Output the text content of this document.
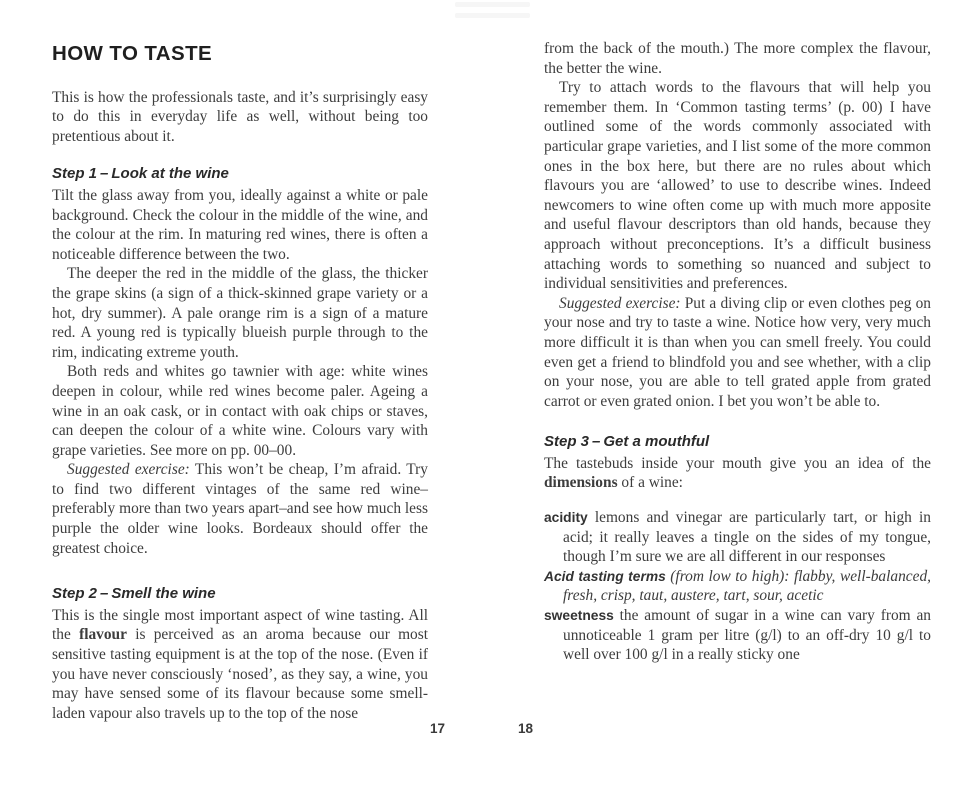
HOW TO TASTE

This is how the professionals taste, and it’s surprisingly easy to do this in everyday life as well, without being too pretentious about it.

Step 1 – Look at the wine

Tilt the glass away from you, ideally against a white or pale background. Check the colour in the middle of the wine, and the colour at the rim. In maturing red wines, there is often a noticeable difference between the two.

The deeper the red in the middle of the glass, the thicker the grape skins (a sign of a thick-skinned grape variety or a hot, dry summer). A pale orange rim is a sign of a mature red. A young red is typically blueish purple through to the rim, indicating extreme youth.

Both reds and whites go tawnier with age: white wines deepen in colour, while red wines become paler. Ageing a wine in an oak cask, or in contact with oak chips or staves, can deepen the colour of a white wine. Colours vary with grape varieties. See more on pp. 00–00.

Suggested exercise: This won’t be cheap, I’m afraid. Try to find two different vintages of the same red wine–preferably more than two years apart–and see how much less purple the older wine looks. Bordeaux should offer the greatest choice.

Step 2 – Smell the wine

This is the single most important aspect of wine tasting. All the flavour is perceived as an aroma because our most sensitive tasting equipment is at the top of the nose. (Even if you have never consciously ‘nosed’, as they say, a wine, you may have sensed some of its flavour because some smell-laden vapour also travels up to the top of the nose

from the back of the mouth.) The more complex the flavour, the better the wine.

Try to attach words to the flavours that will help you remember them. In ‘Common tasting terms’ (p. 00) I have outlined some of the words commonly associated with particular grape varieties, and I list some of the more common ones in the box here, but there are no rules about which flavours you are ‘allowed’ to use to describe wines. Indeed newcomers to wine often come up with much more apposite and useful flavour descriptors than old hands, because they approach without preconceptions. It’s a difficult business attaching words to something so nuanced and subject to individual sensitivities and preferences.

Suggested exercise: Put a diving clip or even clothes peg on your nose and try to taste a wine. Notice how very, very much more difficult it is than when you can smell freely. You could even get a friend to blindfold you and see whether, with a clip on your nose, you are able to tell grated apple from grated carrot or even grated onion. I bet you won’t be able to.

Step 3 – Get a mouthful

The tastebuds inside your mouth give you an idea of the dimensions of a wine:

acidity lemons and vinegar are particularly tart, or high in acid; it really leaves a tingle on the sides of my tongue, though I’m sure we are all different in our responses

Acid tasting terms (from low to high): flabby, well-balanced, fresh, crisp, taut, austere, tart, sour, acetic

sweetness the amount of sugar in a wine can vary from an unnoticeable 1 gram per litre (g/l) to an off-dry 10 g/l to well over 100 g/l in a really sticky one

17	18
